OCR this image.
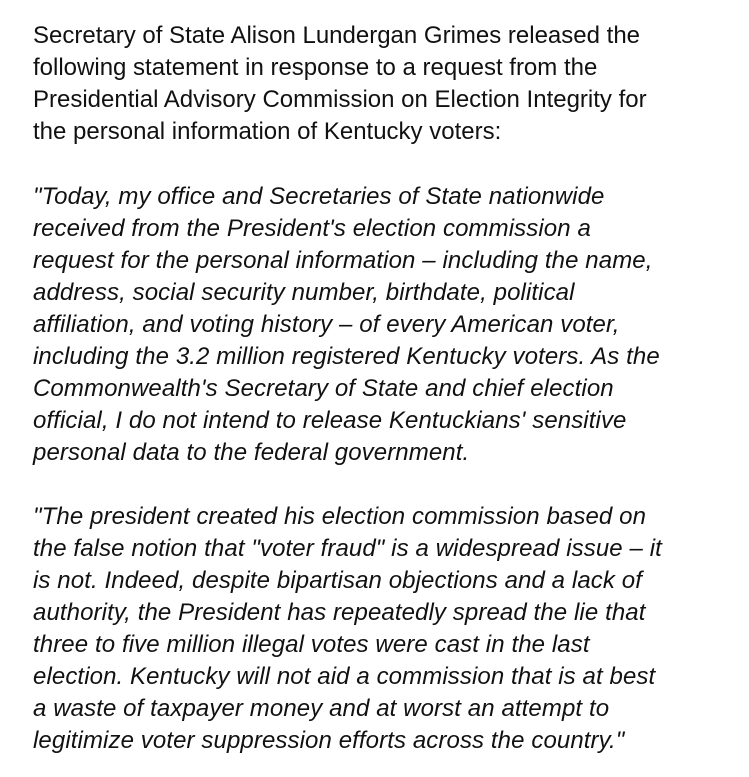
Secretary of State Alison Lundergan Grimes released the
following statement in response to a request from the
Presidential Advisory Commission on Election Integrity for
the personal information of Kentucky voters:

"Today, my office and Secretaries of State nationwide
received from the President's election commission a
request for the personal information – including the name,
address, social security number, birthdate, political
affiliation, and voting history – of every American voter,
including the 3.2 million registered Kentucky voters. As the
Commonwealth's Secretary of State and chief election
official, I do not intend to release Kentuckians' sensitive
personal data to the federal government.

"The president created his election commission based on
the false notion that "voter fraud" is a widespread issue – it
is not. Indeed, despite bipartisan objections and a lack of
authority, the President has repeatedly spread the lie that
three to five million illegal votes were cast in the last
election. Kentucky will not aid a commission that is at best
a waste of taxpayer money and at worst an attempt to
legitimize voter suppression efforts across the country."
